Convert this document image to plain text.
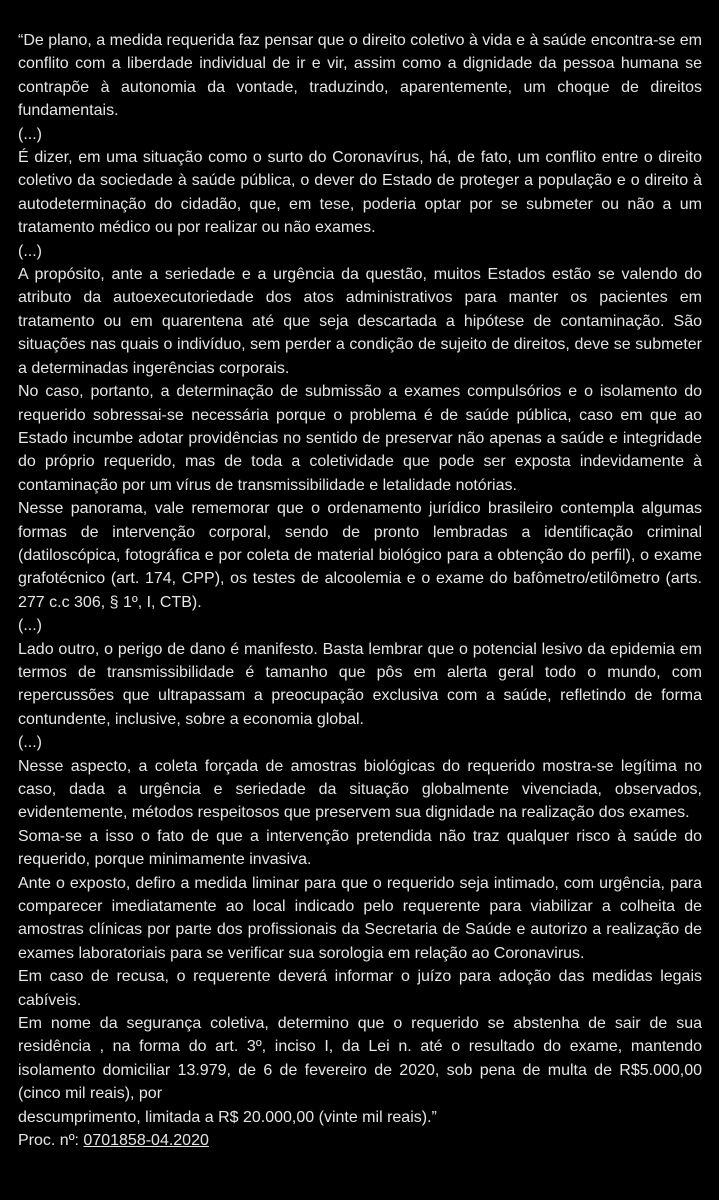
“De plano, a medida requerida faz pensar que o direito coletivo à vida e à saúde encontra-se em conflito com a liberdade individual de ir e vir, assim como a dignidade da pessoa humana se contrapõe à autonomia da vontade, traduzindo, aparentemente, um choque de direitos fundamentais.

(...)

É dizer, em uma situação como o surto do Coronavírus, há, de fato, um conflito entre o direito coletivo da sociedade à saúde pública, o dever do Estado de proteger a população e o direito à autodeterminação do cidadão, que, em tese, poderia optar por se submeter ou não a um tratamento médico ou por realizar ou não exames.

(...)

A propósito, ante a seriedade e a urgência da questão, muitos Estados estão se valendo do atributo da autoexecutoriedade dos atos administrativos para manter os pacientes em tratamento ou em quarentena até que seja descartada a hipótese de contaminação. São situações nas quais o indivíduo, sem perder a condição de sujeito de direitos, deve se submeter a determinadas ingerências corporais.

No caso, portanto, a determinação de submissão a exames compulsórios e o isolamento do requerido sobressai-se necessária porque o problema é de saúde pública, caso em que ao Estado incumbe adotar providências no sentido de preservar não apenas a saúde e integridade do próprio requerido, mas de toda a coletividade que pode ser exposta indevidamente à contaminação por um vírus de transmissibilidade e letalidade notórias.

Nesse panorama, vale rememorar que o ordenamento jurídico brasileiro contempla algumas formas de intervenção corporal, sendo de pronto lembradas a identificação criminal (datiloscópica, fotográfica e por coleta de material biológico para a obtenção do perfil), o exame grafotécnico (art. 174, CPP), os testes de alcoolemia e o exame do bafômetro/etilômetro (arts. 277 c.c 306, § 1º, I, CTB).

(...)

Lado outro, o perigo de dano é manifesto. Basta lembrar que o potencial lesivo da epidemia em termos de transmissibilidade é tamanho que pôs em alerta geral todo o mundo, com repercussões que ultrapassam a preocupação exclusiva com a saúde, refletindo de forma contundente, inclusive, sobre a economia global.

(...)

Nesse aspecto, a coleta forçada de amostras biológicas do requerido mostra-se legítima no caso, dada a urgência e seriedade da situação globalmente vivenciada, observados, evidentemente, métodos respeitosos que preservem sua dignidade na realização dos exames.

Soma-se a isso o fato de que a intervenção pretendida não traz qualquer risco à saúde do requerido, porque minimamente invasiva.

Ante o exposto, defiro a medida liminar para que o requerido seja intimado, com urgência, para comparecer imediatamente ao local indicado pelo requerente para viabilizar a colheita de amostras clínicas por parte dos profissionais da Secretaria de Saúde e autorizo a realização de exames laboratoriais para se verificar sua sorologia em relação ao Coronavirus.

Em caso de recusa, o requerente deverá informar o juízo para adoção das medidas legais cabíveis.

Em nome da segurança coletiva, determino que o requerido se abstenha de sair de sua residência , na forma do art. 3º, inciso I, da Lei n. até o resultado do exame, mantendo isolamento domiciliar 13.979, de 6 de fevereiro de 2020, sob pena de multa de R$5.000,00 (cinco mil reais), por

descumprimento, limitada a R$ 20.000,00 (vinte mil reais).”

Proc. nº: 0701858-04.2020
